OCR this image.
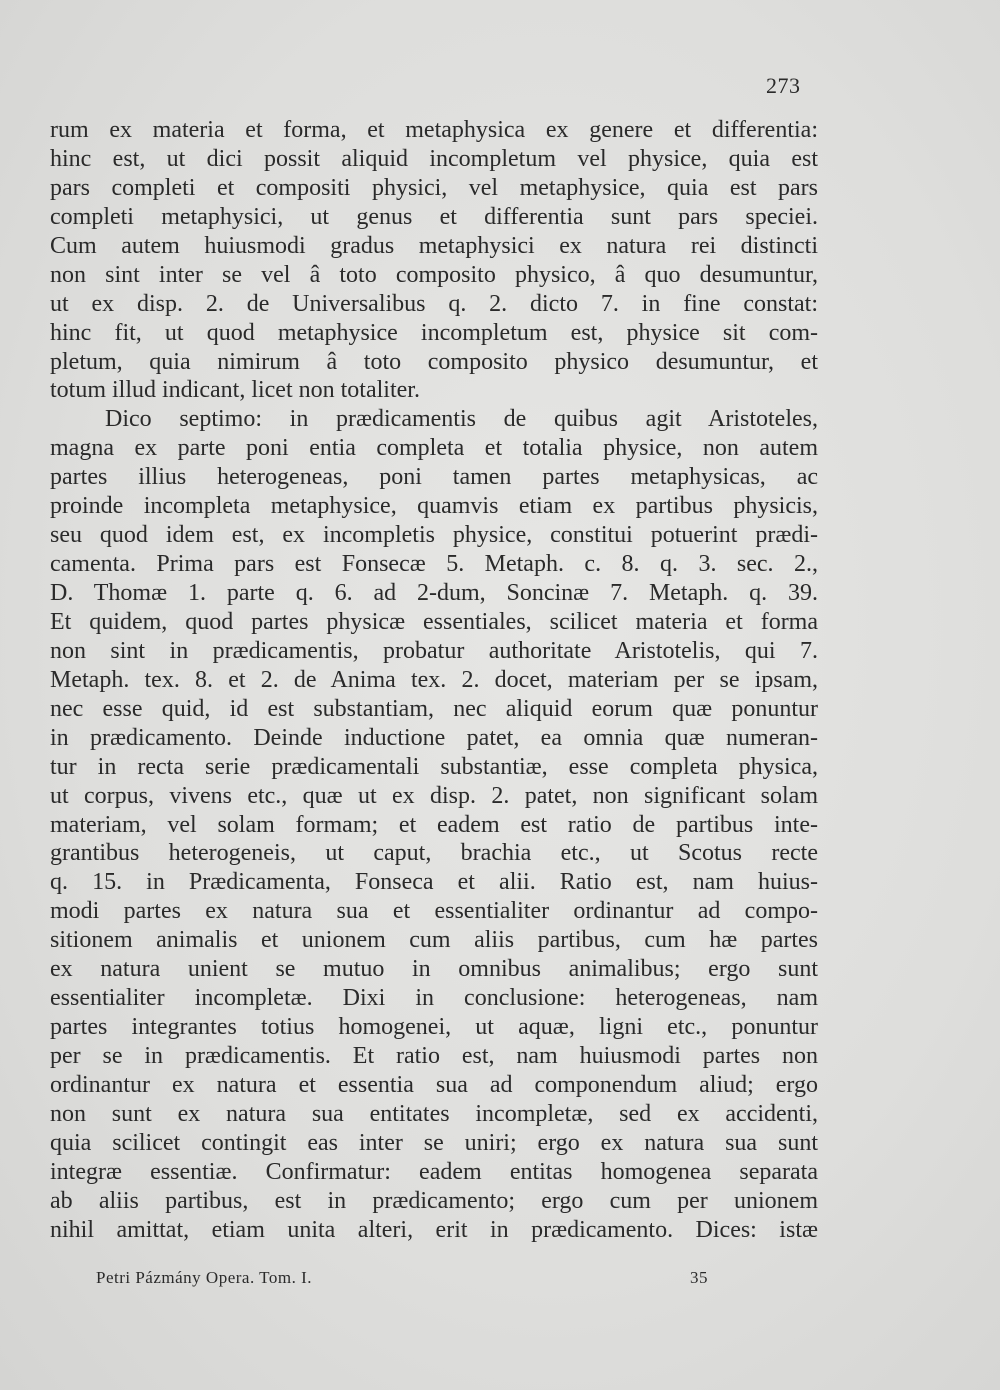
273
rum ex materia et forma, et metaphysica ex genere et differentia:
hinc est, ut dici possit aliquid incompletum vel physice, quia est
pars completi et compositi physici, vel metaphysice, quia est pars
completi metaphysici, ut genus et differentia sunt pars speciei.
Cum autem huiusmodi gradus metaphysici ex natura rei distincti
non sint inter se vel â toto composito physico, â quo desumuntur,
ut ex disp. 2. de Universalibus q. 2. dicto 7. in fine constat:
hinc fit, ut quod metaphysice incompletum est, physice sit com-
pletum, quia nimirum â toto composito physico desumuntur, et
totum illud indicant, licet non totaliter.
Dico septimo: in prædicamentis de quibus agit Aristoteles,
magna ex parte poni entia completa et totalia physice, non autem
partes illius heterogeneas, poni tamen partes metaphysicas, ac
proinde incompleta metaphysice, quamvis etiam ex partibus physicis,
seu quod idem est, ex incompletis physice, constitui potuerint prædi-
camenta. Prima pars est Fonsecæ 5. Metaph. c. 8. q. 3. sec. 2.,
D. Thomæ 1. parte q. 6. ad 2-dum, Soncinæ 7. Metaph. q. 39.
Et quidem, quod partes physicæ essentiales, scilicet materia et forma
non sint in prædicamentis, probatur authoritate Aristotelis, qui 7.
Metaph. tex. 8. et 2. de Anima tex. 2. docet, materiam per se ipsam,
nec esse quid, id est substantiam, nec aliquid eorum quæ ponuntur
in prædicamento. Deinde inductione patet, ea omnia quæ numeran-
tur in recta serie prædicamentali substantiæ, esse completa physica,
ut corpus, vivens etc., quæ ut ex disp. 2. patet, non significant solam
materiam, vel solam formam; et eadem est ratio de partibus inte-
grantibus heterogeneis, ut caput, brachia etc., ut Scotus recte
q. 15. in Prædicamenta, Fonseca et alii. Ratio est, nam huius-
modi partes ex natura sua et essentialiter ordinantur ad compo-
sitionem animalis et unionem cum aliis partibus, cum hæ partes
ex natura unient se mutuo in omnibus animalibus; ergo sunt
essentialiter incompletæ. Dixi in conclusione: heterogeneas, nam
partes integrantes totius homogenei, ut aquæ, ligni etc., ponuntur
per se in prædicamentis. Et ratio est, nam huiusmodi partes non
ordinantur ex natura et essentia sua ad componendum aliud; ergo
non sunt ex natura sua entitates incompletæ, sed ex accidenti,
quia scilicet contingit eas inter se uniri; ergo ex natura sua sunt
integræ essentiæ. Confirmatur: eadem entitas homogenea separata
ab aliis partibus, est in prædicamento; ergo cum per unionem
nihil amittat, etiam unita alteri, erit in prædicamento. Dices: istæ
Petri Pázmány Opera. Tom. I.	35
